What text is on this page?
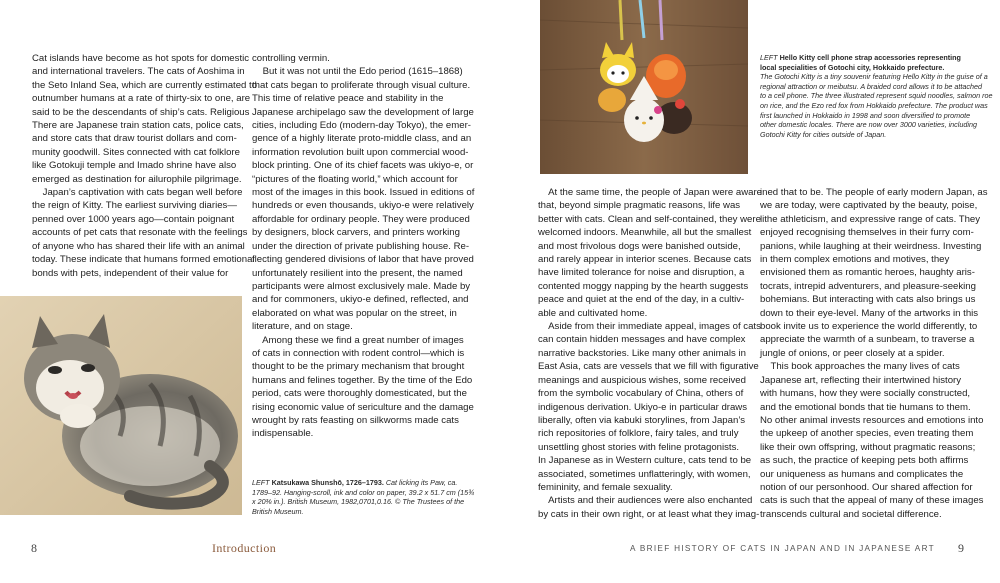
Cat islands have become as hot spots for domestic

and international travelers. The cats of Aoshima in

the Seto Inland Sea, which are currently estimated to

outnumber humans at a rate of thirty-six to one, are

said to be the descendants of ship’s cats. Religious

There are Japanese train station cats, police cats,

and store cats that draw tourist dollars and com-

munity goodwill. Sites connected with cat folklore

like Gotokuji temple and Imado shrine have also

emerged as destination for ailurophile pilgrimage.

Japan’s captivation with cats began well before

the reign of Kitty. The earliest surviving diaries—

penned over 1000 years ago—contain poignant

accounts of pet cats that resonate with the feelings

of anyone who has shared their life with an animal

today. These indicate that humans formed emotional

bonds with pets, independent of their value for

controlling vermin.

But it was not until the Edo period (1615–1868)

that cats began to proliferate through visual culture.

This time of relative peace and stability in the

Japanese archipelago saw the development of large

cities, including Edo (modern-day Tokyo), the emer-

gence of a highly literate proto-middle class, and an

information revolution built upon commercial wood-

block printing. One of its chief facets was ukiyo-e, or

“pictures of the floating world,” which account for

most of the images in this book. Issued in editions of

hundreds or even thousands, ukiyo-e were relatively

affordable for ordinary people. They were produced

by designers, block carvers, and printers working

under the direction of private publishing house. Re-

flecting gendered divisions of labor that have proved

unfortunately resilient into the present, the named

participants were almost exclusively male. Made by

and for commoners, ukiyo-e defined, reflected, and

elaborated on what was popular on the street, in

literature, and on stage.

Among these we find a great number of images

of cats in connection with rodent control—which is

thought to be the primary mechanism that brought

humans and felines together. By the time of the Edo

period, cats were thoroughly domesticated, but the

rising economic value of sericulture and the damage

wrought by rats feasting on silkworms made cats

indispensable.

LEFT Katsukawa Shunshō, 1726–1793. Cat licking its Paw, ca.

1789–92. Hanging-scroll, ink and color on paper, 39.2 x 51.7 cm (15¾

x 20⅜ in.). British Museum, 1982,0701,0.16. © The Trustees of the

British Museum.

LEFT Hello Kitty cell phone strap accessories representing

local specialities of Gotochi city, Hokkaido prefecture.

The Gotochi Kitty is a tiny souvenir featuring Hello Kitty in the guise of a

regional attraction or meibutsu. A braided cord allows it to be attached

to a cell phone. The three illustrated represent squid noodles, salmon roe

on rice, and the Ezo red fox from Hokkaido prefecture. The product was

first launched in Hokkaido in 1998 and soon diversified to promote

other domestic locales. There are now over 3000 varieties, including

Gotochi Kitty for cities outside of Japan.

At the same time, the people of Japan were aware

that, beyond simple pragmatic reasons, life was

better with cats. Clean and self-contained, they were

welcomed indoors. Meanwhile, all but the smallest

and most frivolous dogs were banished outside,

and rarely appear in interior scenes. Because cats

have limited tolerance for noise and disruption, a

contented moggy napping by the hearth suggests

peace and quiet at the end of the day, in a cultiv-

able and cultivated home.

Aside from their immediate appeal, images of cats

can contain hidden messages and have complex

narrative backstories. Like many other animals in

East Asia, cats are vessels that we fill with figurative

meanings and auspicious wishes, some received

from the symbolic vocabulary of China, others of

indigenous derivation. Ukiyo-e in particular draws

liberally, often via kabuki storylines, from Japan’s

rich repositories of folklore, fairy tales, and truly

unsettling ghost stories with feline protagonists.

In Japanese as in Western culture, cats tend to be

associated, sometimes unflatteringly, with women,

femininity, and female sexuality.

Artists and their audiences were also enchanted

by cats in their own right, or at least what they imag-

ined that to be. The people of early modern Japan, as

we are today, were captivated by the beauty, poise,

lithe athleticism, and expressive range of cats. They

enjoyed recognising themselves in their furry com-

panions, while laughing at their weirdness. Investing

in them complex emotions and motives, they

envisioned them as romantic heroes, haughty aris-

tocrats, intrepid adventurers, and pleasure-seeking

bohemians. But interacting with cats also brings us

down to their eye-level. Many of the artworks in this

book invite us to experience the world differently, to

appreciate the warmth of a sunbeam, to traverse a

jungle of onions, or peer closely at a spider.

This book approaches the many lives of cats

Japanese art, reflecting their intertwined history

with humans, how they were socially constructed,

and the emotional bonds that tie humans to them.

No other animal invests resources and emotions into

the upkeep of another species, even treating them

like their own offspring, without pragmatic reasons;

as such, the practice of keeping pets both affirms

our uniqueness as humans and complicates the

notion of our personhood. Our shared affection for

cats is such that the appeal of many of these images

transcends cultural and societal difference.

8	Introduction	A BRIEF HISTORY OF CATS IN JAPAN AND IN JAPANESE ART 9
